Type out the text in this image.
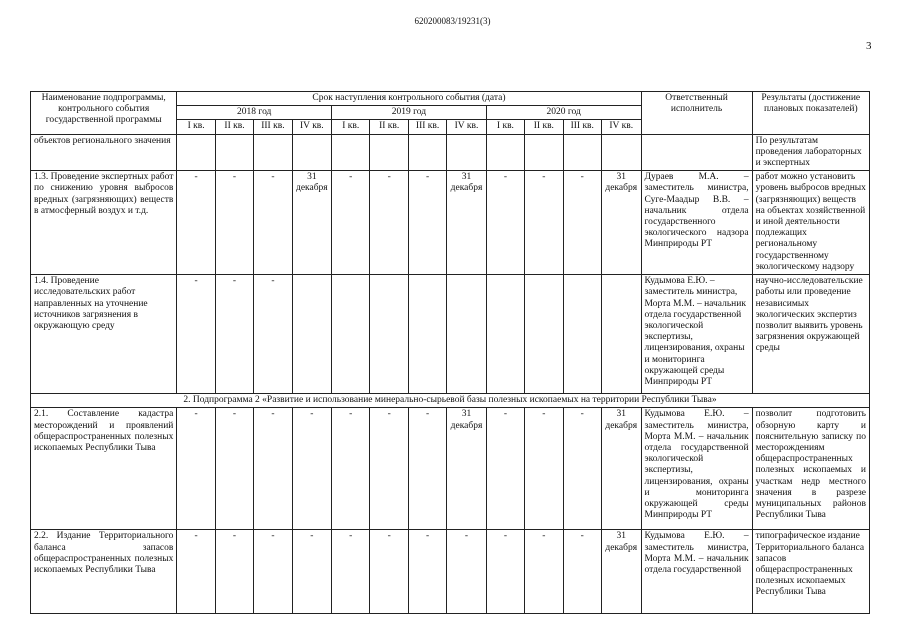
620200083/19231(3)
3
Наименование подпрограммы, контрольного события государственной программы	Срок наступления контрольного события (дата)												Ответственный исполнитель	Результаты (достижение плановых показателей)
	2018 год				2019 год				2020 год					
	I кв.	II кв.	III кв.	IV кв.	I кв.	II кв.	III кв.	IV кв.	I кв.	II кв.	III кв.	IV кв.		
объектов регионального значения														По результатам проведения лабораторных и экспертных
1.3. Проведение экспертных работ по снижению уровня выбросов вредных (загрязняющих) веществ в атмосферный воздух и т.д.	-	-	-	31 декабря	-	-	-	31 декабря	-	-	-	31 декабря	Дураев М.А. – заместитель министра, Суге-Маадыр В.В. – начальник отдела государственного экологического надзора Минприроды РТ	работ можно установить уровень выбросов вредных (загрязняющих) веществ на объектах хозяйственной и иной деятельности подлежащих региональному государственному экологическому надзору
1.4. Проведение исследовательских работ направленных на уточнение источников загрязнения в окружающую среду	-	-	-										Кудымова Е.Ю. – заместитель министра, Морта М.М. – начальник отдела государственной экологической экспертизы, лицензирования, охраны и мониторинга окружающей среды Минприроды РТ	научно-исследовательские работы или проведение независимых экологических экспертиз позволит выявить уровень загрязнения окружающей среды
2. Подпрограмма 2 «Развитие и использование минерально-сырьевой базы полезных ископаемых на территории Республики Тыва»														
2.1. Составление кадастра месторождений и проявлений общераспространенных полезных ископаемых Республики Тыва	-	-	-	-	-	-	-	31 декабря	-	-	-	31 декабря	Кудымова Е.Ю. – заместитель министра, Морта М.М. – начальник отдела государственной экологической экспертизы, лицензирования, охраны и мониторинга окружающей среды Минприроды РТ	позволит подготовить обзорную карту и пояснительную записку по месторождениям общераспространенных полезных ископаемых и участкам недр местного значения в разрезе муниципальных районов Республики Тыва
2.2. Издание Территориального баланса запасов общераспространенных полезных ископаемых Республики Тыва	-	-	-	-	-	-	-	-	-	-	-	31 декабря	Кудымова Е.Ю. – заместитель министра, Морта М.М. – начальник отдела государственной	типографическое издание Территориального баланса запасов общераспространенных полезных ископаемых Республики Тыва
